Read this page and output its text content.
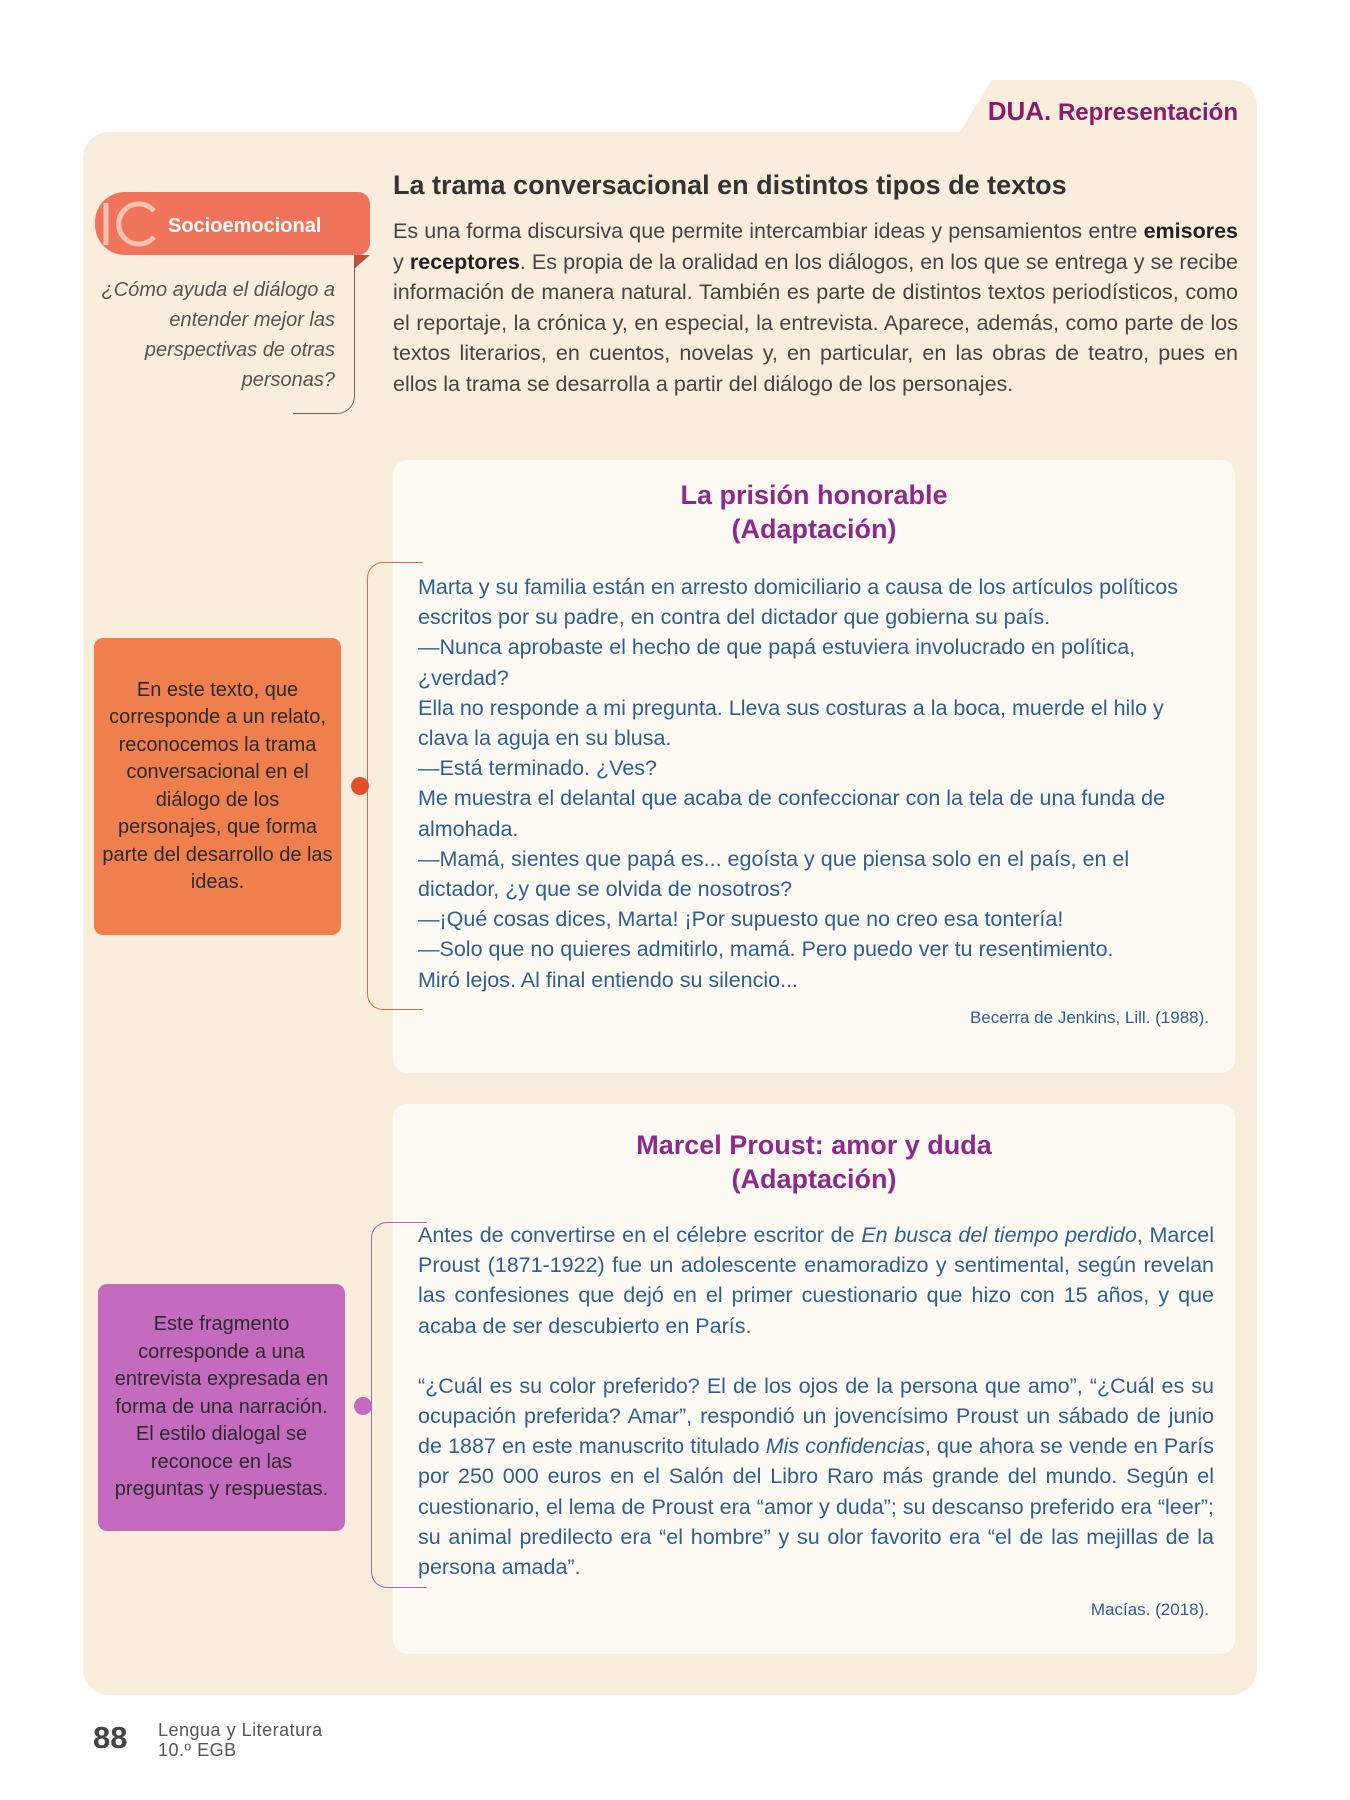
DUA. Representación
Socioemocional
¿Cómo ayuda el diálogo a entender mejor las perspectivas de otras personas?
La trama conversacional en distintos tipos de textos
Es una forma discursiva que permite intercambiar ideas y pensamientos entre emisores y receptores. Es propia de la oralidad en los diálogos, en los que se entrega y se recibe información de manera natural. También es parte de distintos textos periodísticos, como el reportaje, la crónica y, en especial, la entrevista. Aparece, además, como parte de los textos literarios, en cuentos, novelas y, en particular, en las obras de teatro, pues en ellos la trama se desarrolla a partir del diálogo de los personajes.
La prisión honorable
(Adaptación)

Marta y su familia están en arresto domiciliario a causa de los artículos políticos escritos por su padre, en contra del dictador que gobierna su país.

—Nunca aprobaste el hecho de que papá estuviera involucrado en política, ¿verdad?

Ella no responde a mi pregunta. Lleva sus costuras a la boca, muerde el hilo y clava la aguja en su blusa.

—Está terminado. ¿Ves?

Me muestra el delantal que acaba de confeccionar con la tela de una funda de almohada.

—Mamá, sientes que papá es... egoísta y que piensa solo en el país, en el dictador, ¿y que se olvida de nosotros?

—¡Qué cosas dices, Marta! ¡Por supuesto que no creo esa tontería!

—Solo que no quieres admitirlo, mamá. Pero puedo ver tu resentimiento.

Miró lejos. Al final entiendo su silencio...

Becerra de Jenkins, Lill. (1988).
En este texto, que corresponde a un relato, reconocemos la trama conversacional en el diálogo de los personajes, que forma parte del desarrollo de las ideas.
Marcel Proust: amor y duda
(Adaptación)

Antes de convertirse en el célebre escritor de En busca del tiempo perdido, Marcel Proust (1871-1922) fue un adolescente enamoradizo y sentimental, según revelan las confesiones que dejó en el primer cuestionario que hizo con 15 años, y que acaba de ser descubierto en París.

“¿Cuál es su color preferido? El de los ojos de la persona que amo”, “¿Cuál es su ocupación preferida? Amar”, respondió un jovencísimo Proust un sábado de junio de 1887 en este manuscrito titulado Mis confidencias, que ahora se vende en París por 250 000 euros en el Salón del Libro Raro más grande del mundo. Según el cuestionario, el lema de Proust era “amor y duda”; su descanso preferido era “leer”; su animal predilecto era “el hombre” y su olor favorito era “el de las mejillas de la persona amada”.

Macías. (2018).
Este fragmento corresponde a una entrevista expresada en forma de una narración. El estilo dialogal se reconoce en las preguntas y respuestas.
88 Lengua y Literatura
10.º EGB
